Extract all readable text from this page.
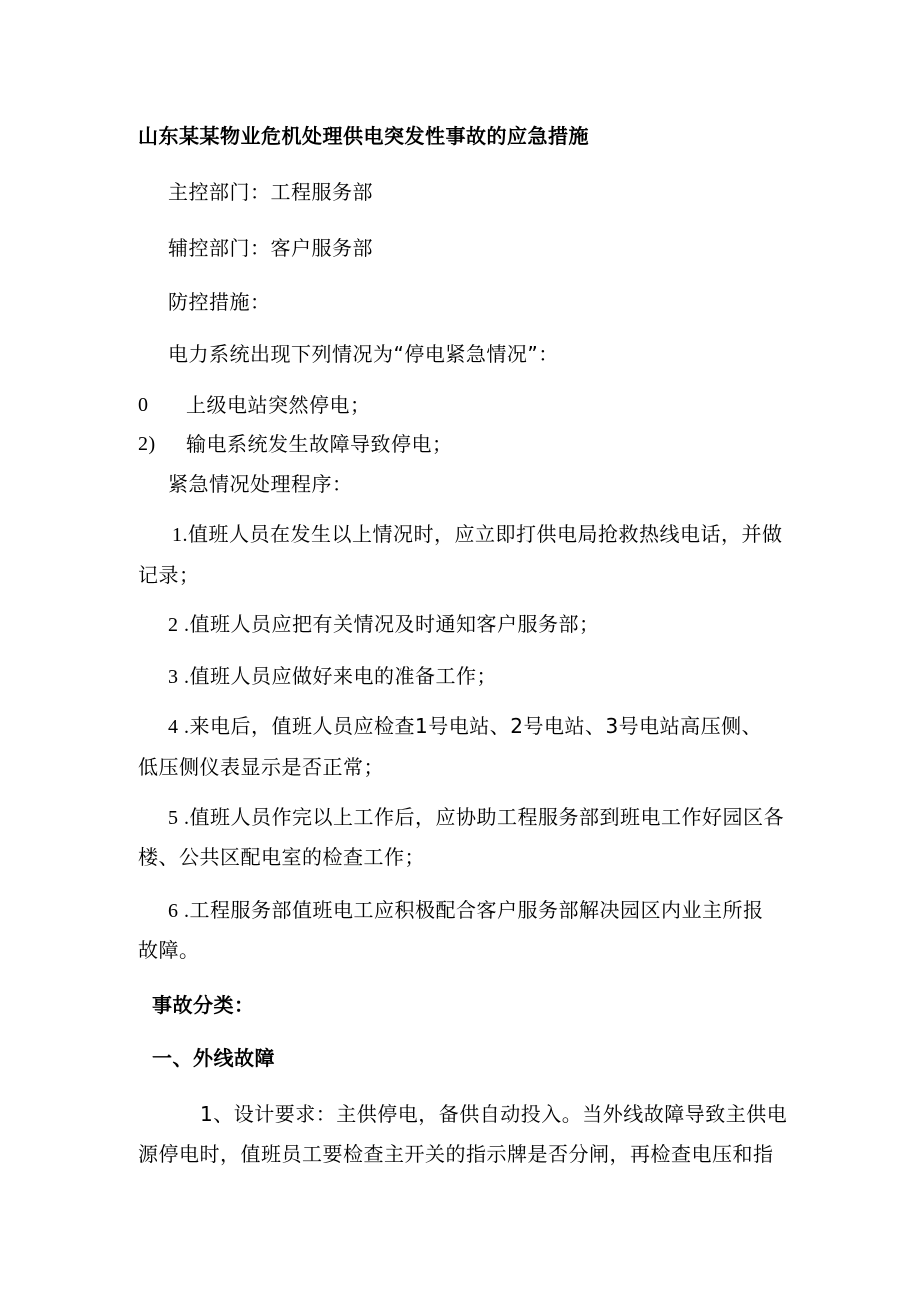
山东某某物业危机处理供电突发性事故的应急措施
主控部门：工程服务部
辅控部门：客户服务部
防控措施：
电力系统出现下列情况为“停电紧急情况”：
0 上级电站突然停电；
2) 输电系统发生故障导致停电；
紧急情况处理程序：
1.值班人员在发生以上情况时，应立即打供电局抢救热线电话，并做
记录；
2 .值班人员应把有关情况及时通知客户服务部；
3 .值班人员应做好来电的准备工作；
4 .来电后，值班人员应检查1号电站、2号电站、3号电站高压侧、
低压侧仪表显示是否正常；
5 .值班人员作完以上工作后，应协助工程服务部到班电工作好园区各
楼、公共区配电室的检查工作；
6 .工程服务部值班电工应积极配合客户服务部解决园区内业主所报
故障。
事故分类：
一、外线故障
1、设计要求：主供停电，备供自动投入。当外线故障导致主供电
源停电时，值班员工要检查主开关的指示牌是否分闸，再检查电压和指
